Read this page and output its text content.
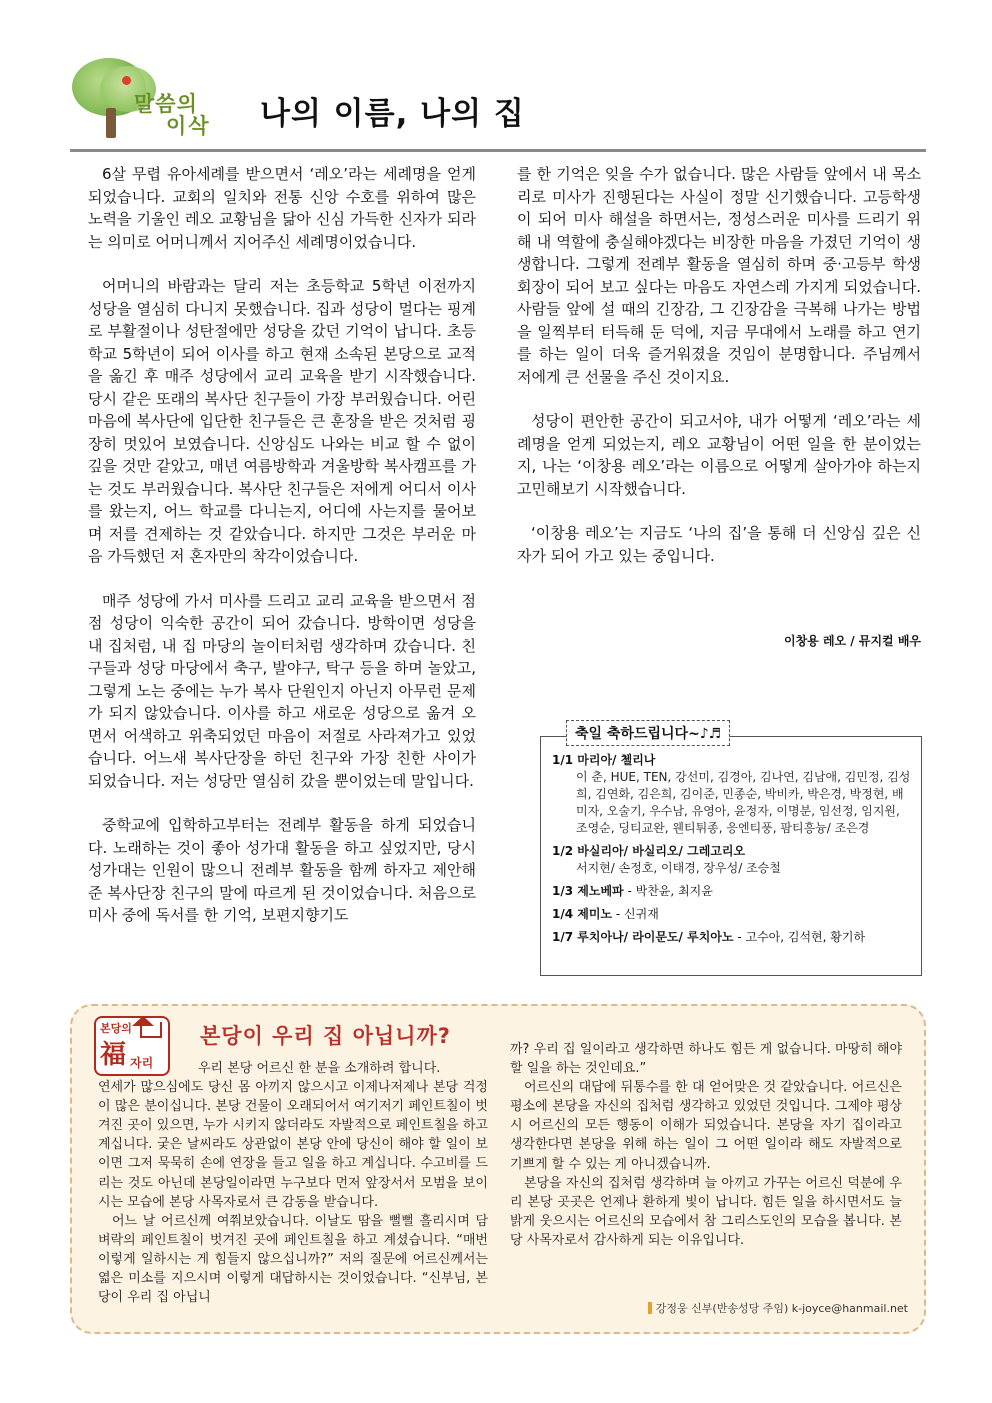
말씀의
이삭 나의 이름, 나의 집

6살 무렵 유아세례를 받으면서 ‘레오’라는 세례명을 얻게 되었습니다. 교회의 일치와 전통 신앙 수호를 위하여 많은 노력을 기울인 레오 교황님을 닮아 신심 가득한 신자가 되라는 의미로 어머니께서 지어주신 세례명이었습니다.

어머니의 바람과는 달리 저는 초등학교 5학년 이전까지 성당을 열심히 다니지 못했습니다. 집과 성당이 멀다는 핑계로 부활절이나 성탄절에만 성당을 갔던 기억이 납니다. 초등학교 5학년이 되어 이사를 하고 현재 소속된 본당으로 교적을 옮긴 후 매주 성당에서 교리 교육을 받기 시작했습니다. 당시 같은 또래의 복사단 친구들이 가장 부러웠습니다. 어린 마음에 복사단에 입단한 친구들은 큰 훈장을 받은 것처럼 굉장히 멋있어 보였습니다. 신앙심도 나와는 비교 할 수 없이 깊을 것만 같았고, 매년 여름방학과 겨울방학 복사캠프를 가는 것도 부러웠습니다. 복사단 친구들은 저에게 어디서 이사를 왔는지, 어느 학교를 다니는지, 어디에 사는지를 물어보며 저를 견제하는 것 같았습니다. 하지만 그것은 부러운 마음 가득했던 저 혼자만의 착각이었습니다.

매주 성당에 가서 미사를 드리고 교리 교육을 받으면서 점점 성당이 익숙한 공간이 되어 갔습니다. 방학이면 성당을 내 집처럼, 내 집 마당의 놀이터처럼 생각하며 갔습니다. 친구들과 성당 마당에서 축구, 발야구, 탁구 등을 하며 놀았고, 그렇게 노는 중에는 누가 복사 단원인지 아닌지 아무런 문제가 되지 않았습니다. 이사를 하고 새로운 성당으로 옮겨 오면서 어색하고 위축되었던 마음이 저절로 사라져가고 있었습니다. 어느새 복사단장을 하던 친구와 가장 친한 사이가 되었습니다. 저는 성당만 열심히 갔을 뿐이었는데 말입니다.

중학교에 입학하고부터는 전례부 활동을 하게 되었습니다. 노래하는 것이 좋아 성가대 활동을 하고 싶었지만, 당시 성가대는 인원이 많으니 전례부 활동을 함께 하자고 제안해 준 복사단장 친구의 말에 따르게 된 것이었습니다. 처음으로 미사 중에 독서를 한 기억, 보편지향기도

를 한 기억은 잊을 수가 없습니다. 많은 사람들 앞에서 내 목소리로 미사가 진행된다는 사실이 정말 신기했습니다. 고등학생이 되어 미사 해설을 하면서는, 정성스러운 미사를 드리기 위해 내 역할에 충실해야겠다는 비장한 마음을 가졌던 기억이 생생합니다. 그렇게 전례부 활동을 열심히 하며 중·고등부 학생회장이 되어 보고 싶다는 마음도 자연스레 가지게 되었습니다. 사람들 앞에 설 때의 긴장감, 그 긴장감을 극복해 나가는 방법을 일찍부터 터득해 둔 덕에, 지금 무대에서 노래를 하고 연기를 하는 일이 더욱 즐거워졌을 것임이 분명합니다. 주님께서 저에게 큰 선물을 주신 것이지요.

성당이 편안한 공간이 되고서야, 내가 어떻게 ‘레오’라는 세례명을 얻게 되었는지, 레오 교황님이 어떤 일을 한 분이었는지, 나는 ‘이창용 레오’라는 이름으로 어떻게 살아가야 하는지 고민해보기 시작했습니다.

‘이창용 레오’는 지금도 ‘나의 집’을 통해 더 신앙심 깊은 신자가 되어 가고 있는 중입니다.

이창용 레오 / 뮤지컬 배우
축일 축하드립니다~♪♬
1/1 마리아/ 첼리나
이 춘, HUE, TEN, 강선미, 김경아, 김나연, 김남애, 김민정, 김성희, 김연화, 김은희, 김이준, 민종순, 박비카, 박은경, 박정현, 배미자, 오술기, 우수남, 유영아, 윤정자, 이명분, 임선정, 임지원, 조영순, 딩티교완, 웬티튀종, 응엔티풍, 팜티흥늉/ 조은경
1/2 바실리아/ 바실리오/ 그레고리오
서지현/ 손정호, 이태경, 장우성/ 조승철
1/3 제노베파 - 박찬윤, 최지윤
1/4 제미노 - 신귀재
1/7 루치아나/ 라이문도/ 루치아노 - 고수아, 김석현, 황기하
본당의
福 자리
본당이 우리 집 아닙니까?

우리 본당 어르신 한 분을 소개하려 합니다.

연세가 많으심에도 당신 몸 아끼지 않으시고 이제나저제나 본당 걱정이 많은 분이십니다. 본당 건물이 오래되어서 여기저기 페인트칠이 벗겨진 곳이 있으면, 누가 시키지 않더라도 자발적으로 페인트칠을 하고 계십니다. 궂은 날씨라도 상관없이 본당 안에 당신이 해야 할 일이 보이면 그저 묵묵히 손에 연장을 들고 일을 하고 계십니다. 수고비를 드리는 것도 아닌데 본당일이라면 누구보다 먼저 앞장서서 모범을 보이시는 모습에 본당 사목자로서 큰 감동을 받습니다.

어느 날 어르신께 여쭤보았습니다. 이날도 땀을 뻘뻘 흘리시며 담벼락의 페인트칠이 벗겨진 곳에 페인트칠을 하고 계셨습니다. “매번 이렇게 일하시는 게 힘들지 않으십니까?” 저의 질문에 어르신께서는 엷은 미소를 지으시며 이렇게 대답하시는 것이었습니다. “신부님, 본당이 우리 집 아닙니

까? 우리 집 일이라고 생각하면 하나도 힘든 게 없습니다. 마땅히 해야 할 일을 하는 것인데요.”

어르신의 대답에 뒤통수를 한 대 얻어맞은 것 같았습니다. 어르신은 평소에 본당을 자신의 집처럼 생각하고 있었던 것입니다. 그제야 평상시 어르신의 모든 행동이 이해가 되었습니다. 본당을 자기 집이라고 생각한다면 본당을 위해 하는 일이 그 어떤 일이라 해도 자발적으로 기쁘게 할 수 있는 게 아니겠습니까.

본당을 자신의 집처럼 생각하며 늘 아끼고 가꾸는 어르신 덕분에 우리 본당 곳곳은 언제나 환하게 빛이 납니다. 힘든 일을 하시면서도 늘 밝게 웃으시는 어르신의 모습에서 참 그리스도인의 모습을 봅니다. 본당 사목자로서 감사하게 되는 이유입니다.

강정웅 신부(반송성당 주임) k-joyce@hanmail.net
